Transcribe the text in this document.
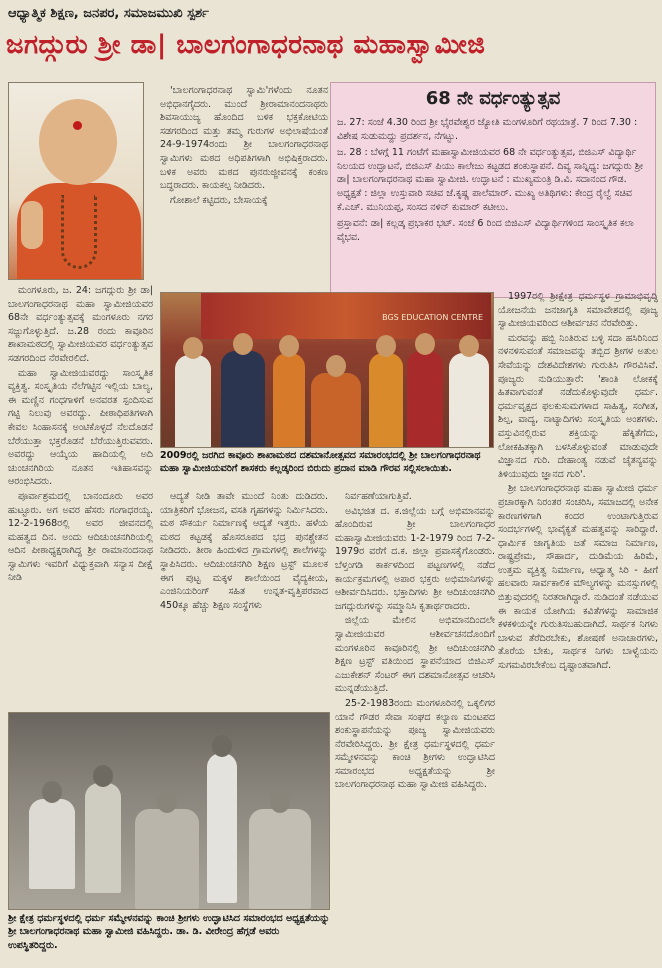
ಆಧ್ಯಾತ್ಮಿಕ ಶಿಕ್ಷಣ, ಜನಪರ, ಸಮಾಜಮುಖಿ ಸ್ಪರ್ಶ
ಜಗದ್ಗುರು ಶ್ರೀ ಡಾ| ಬಾಲಗಂಗಾಧರನಾಥ ಮಹಾಸ್ವಾಮೀಜಿ
68 ನೇ ವರ್ಧಂತ್ಯುತ್ಸವ
ಜ. 27: ಸಂಜೆ 4.30 ರಿಂದ ಶ್ರೀ ಭೈರವೇಶ್ವರ ಜ್ಯೋತಿ ಮಂಗಳೂರಿಗೆ ರಥಯಾತ್ರೆ. 7 ರಿಂದ 7.30 : ವಿಶೇಷ ಸುಡುಮದ್ದು ಪ್ರದರ್ಶನ, ನೆಗಟ್ಟು.
ಜ. 28 : ಬೆಳಗ್ಗೆ 11 ಗಂಟೆಗೆ ಮಹಾಸ್ವಾಮೀಜಿಯವರ 68 ನೇ ವರ್ಧಂತ್ಯುತ್ಸವ, ಬಿಜಿಎಸ್ ವಿದ್ಯಾರ್ಥಿ ನಿಲಯದ ಉದ್ಘಾಟನೆ, ಬಿಜಿಎಸ್ ಪಿಯು ಕಾಲೇಜು ಕಟ್ಟಡದ ಶಂಕುಸ್ಥಾಪನೆ. ದಿವ್ಯ ಸಾನ್ನಿಧ್ಯ: ಜಗದ್ಗುರು ಶ್ರೀ ಡಾ| ಬಾಲಗಂಗಾಧರನಾಥ ಮಹಾ ಸ್ವಾಮೀಜಿ. ಉದ್ಘಾಟನೆ : ಮುಖ್ಯಮಂತ್ರಿ ಡಿ.ವಿ. ಸದಾನಂದ ಗೌಡ. ಅಧ್ಯಕ್ಷತೆ : ಜಿಲ್ಲಾ ಉಸ್ತುವಾರಿ ಸಚಿವ ಜೆ.ಕೃಷ್ಣ ಪಾಲೆಮಾರ್. ಮುಖ್ಯ ಅತಿಥಿಗಳು: ಕೇಂದ್ರ ರೈಲ್ವೆ ಸಚಿವ ಕೆ.ಎಚ್. ಮುನಿಯಪ್ಪ, ಸಂಸದ ನಳಿನ್ ಕುಮಾರ್ ಕಟೀಲು.
ಪ್ರಸ್ತಾವನೆ: ಡಾ| ಕಲ್ಲಡ್ಕ ಪ್ರಭಾಕರ ಭಟ್. ಸಂಜೆ 6 ರಿಂದ ಬಿಜಿಎಸ್ ವಿದ್ಯಾರ್ಥಿಗಳಿಂದ ಸಾಂಸ್ಕೃತಿಕ ಕಲಾ ವೈಭವ.

'ಬಾಲಗಂಗಾಧರನಾಥ ಸ್ವಾಮಿ'ಗಳೆಂದು ನೂತನ ಅಭಿಧಾನಗೈದರು. ಮುಂದೆ ಶ್ರೀರಾಮಾನಂದನಾಥರು ಶಿವಸಾಯುಜ್ಯ ಹೊಂದಿದ ಬಳಿಕ ಭಕ್ತಕೋಟಿಯ ಸಡಗರದಿಂದ ಮತ್ತು ತಮ್ಮ ಗುರುಗಳ ಅಭಿಲಾಷೆಯಂತೆ 24-9-1974ರಂದು ಶ್ರೀ ಬಾಲಗಂಗಾಧರನಾಥ ಸ್ವಾಮಿಗಳು ಮಠದ ಅಧಿಪತಿಗಳಾಗಿ ಅಭಿಷಿಕ್ತರಾದರು. ಬಳಿಕ ಅವರು ಮಠದ ಪುನರುಜ್ಜೀವನಕ್ಕೆ ಕಂಕಣ ಬದ್ಧರಾದರು. ಕಾಯಕಲ್ಪ ನೀಡಿದರು.

ಗೋಶಾಲೆ ಕಟ್ಟಿದರು, ಬೇಸಾಯಕ್ಕೆ

ಮಂಗಳೂರು, ಜ. 24: ಜಗದ್ಗುರು ಶ್ರೀ ಡಾ| ಬಾಲಗಂಗಾಧರನಾಥ ಮಹಾ ಸ್ವಾಮೀಜಿಯವರ 68ನೇ ವರ್ಧಂತ್ಯುತ್ಸವಕ್ಕೆ ಮಂಗಳೂರು ನಗರ ಸಜ್ಜುಗೊಳ್ಳುತ್ತಿದೆ. ಜ.28 ರಂದು ಕಾವೂರಿನ ಶಾಖಾಮಠದಲ್ಲಿ ಸ್ವಾಮೀಜಿಯವರ ವರ್ಧಂತ್ಯುತ್ಸವ ಸಡಗರದಿಂದ ನೆರವೇರಲಿದೆ.

ಮಹಾ ಸ್ವಾಮೀಜಿಯವರದ್ದು ಸಾಂಸ್ಕೃತಿಕ ವ್ಯಕ್ತಿತ್ವ. ಸಂಸ್ಕೃತಿಯ ನೆಲೆಗಟ್ಟಿನ ಇಲ್ಲಿಯ ಬಾಲ್ಯ, ಈ ಮಣ್ಣಿನ ಗಂಧಗಾಳಿಗೆ ಅನವರತ ಸ್ಪಂದಿಸುವ ಗಟ್ಟಿ ನಿಲುವು ಅವರದ್ದು. ಪೀಠಾಧಿಪತಿಗಳಾಗಿ ಕೇವಲ ಸಿಂಹಾಸನಕ್ಕೆ ಅಂಟಿಕೊಳ್ಳದೆ ನೆಲದೊಡನೆ ಬೆರೆಯುತ್ತಾ ಭಕ್ತರೊಡನೆ ಬೆರೆಯುತ್ತಿರುವವರು. ಅವರದ್ದು ಆಯ್ಕೆಯ ಹಾದಿಯಲ್ಲಿ ಅದಿ ಚುಂಚನಗಿರಿಯ ನೂತನ ಇತಿಹಾಸವನ್ನು ಆರಂಭಿಸಿದರು.

ಪೂರ್ವಾಶ್ರಮದಲ್ಲಿ ಬಾನಂದೂರು ಅವರ ಹುಟ್ಟೂರು. ಅಗ ಅವರ ಹೆಸರು ಗಂಗಾಧರಯ್ಯ. 12-2-1968ರಲ್ಲಿ ಅವರ ಜೀವನದಲ್ಲಿ ಮಹತ್ವದ ದಿನ. ಅಂದು ಆದಿಚುಂಚನಗಿರಿಯಲ್ಲಿ ಆದಿನ ಪೀಠಾಧ್ಯಕ್ಷರಾಗಿದ್ದ ಶ್ರೀ ರಾಮಾನಂದನಾಥ ಸ್ವಾಮಿಗಳು ಇವರಿಗೆ ವಿಧ್ಯುಕ್ತವಾಗಿ ಸನ್ಯಾಸ ದೀಕ್ಷೆ ನೀಡಿ

BGS EDUCATION CENTRE
2009ರಲ್ಲಿ ಜರಗಿದ ಕಾವೂರು ಶಾಖಾಮಠದ ದಶಮಾನೋತ್ಸವದ ಸಮಾರಂಭದಲ್ಲಿ ಶ್ರೀ ಬಾಲಗಂಗಾಧರನಾಥ ಮಹಾ ಸ್ವಾಮೀಜಿಯವರಿಗೆ ಶಾಸಕರು ಕಲ್ಲಡ್ಕರಿಂದ ಬಿರುದು ಪ್ರದಾನ ಮಾಡಿ ಗೌರವ ಸಲ್ಲಿಸಲಾಯಿತು.

ಆದ್ಯತೆ ನೀಡಿ ತಾವೇ ಮುಂದೆ ನಿಂತು ದುಡಿದರು. ಯಾತ್ರಿಕರಿಗೆ ಭೋಜನ, ವಸತಿ ಗೃಹಗಳನ್ನು ನಿರ್ಮಿಸಿದರು. ಮಠ ಸೌಕರ್ಯ ನಿರ್ಮಾಣಕ್ಕೆ ಆದ್ಯತೆ ಇತ್ತರು. ಹಳೆಯ ಮಠದ ಕಟ್ಟಡಕ್ಕೆ ಹೊಸರೂಪದ ಭದ್ರ ಪುನಶ್ಚೇತನ ನೀಡಿದರು. ತೀರಾ ಹಿಂದುಳಿದ ಗ್ರಾಮಗಳಲ್ಲಿ ಶಾಲೆಗಳನ್ನು ಸ್ಥಾಪಿಸಿದರು. ಆದಿಚುಂಚನಗಿರಿ ಶಿಕ್ಷಣ ಟ್ರಸ್ಟ್ ಮೂಲಕ ಈಗ ಪುಟ್ಟ ಮಕ್ಕಳ ಶಾಲೆಯಿಂದ ವೈದ್ಯಕೀಯ, ಎಂಜಿನಿಯರಿಂಗ್ ಸಹಿತ ಉನ್ನತ-ವೃತ್ತಿಪರವಾದ 450ಕ್ಕೂ ಹೆಚ್ಚು ಶಿಕ್ಷಣ ಸಂಸ್ಥೆಗಳು

ನಿರ್ವಹಣೆಯಾಗುತ್ತಿವೆ.

ಅವಿಭಜಿತ ದ. ಕ.ಜಿಲ್ಲೆಯ ಬಗ್ಗೆ ಅಭಿಮಾನವನ್ನು ಹೊಂದಿರುವ ಶ್ರೀ ಬಾಲಗಂಗಾಧರ ಮಹಾಸ್ವಾಮೀಜಿಯವರು 1-2-1979 ರಿಂದ 7-2-1979ರ ವರೆಗೆ ದ.ಕ. ಜಿಲ್ಲಾ ಪ್ರವಾಸಕೈಗೊಂಡರು. ಬೆಳ್ತಂಗಡಿ ಕಾರ್ಕಳದಿಂದ ಪಟ್ಟಣಗಳಲ್ಲಿ ನಡೆದ ಕಾರ್ಯಕ್ರಮಗಳಲ್ಲಿ ಅಪಾರ ಭಕ್ತರು ಅಭಿಮಾನಿಗಳನ್ನು ಆಶೀರ್ವದಿಸಿದರು. ಭಕ್ತಾದಿಗಳು ಶ್ರೀ ಆದಿಚುಂಚನಗಿರಿ ಜಗದ್ಗುರುಗಳನ್ನು ಸಮ್ಮಾನಿಸಿ ಕೃತಾರ್ಥರಾದರು.

ಜಿಲ್ಲೆಯ ಮೇಲಿನ ಅಭಿಮಾನದಿಂದಲೇ ಸ್ವಾಮೀಜಿಯವರ ಆಶೀರ್ವಚನದೊಂದಿಗೆ ಮಂಗಳೂರಿನ ಕಾವೂರಿನಲ್ಲಿ ಶ್ರೀ ಆದಿಚುಂಚನಗಿರಿ ಶಿಕ್ಷಣ ಟ್ರಸ್ಟ್ ವತಿಯಿಂದ ಸ್ಥಾಪನೆಯಾದ ಬಿಜಿಎಸ್ ಎಜುಕೇಶನ್ ಸೆಂಟರ್ ಈಗ ದಶಮಾನೋತ್ಸವ ಆಚರಿಸಿ ಮುನ್ನಡೆಯುತ್ತಿದೆ.

25-2-1983ರಂದು ಮಂಗಳೂರಿನಲ್ಲಿ ಒಕ್ಕಲಿಗರ ಯಾನೆ ಗೌಡರ ಸೇವಾ ಸಂಘದ ಕಲ್ಯಾಣ ಮಂಟಪದ ಶಂಕುಸ್ಥಾಪನೆಯನ್ನು ಪೂಜ್ಯ ಸ್ವಾಮೀಜಿಯವರು ನೆರವೇರಿಸಿದ್ದರು. ಶ್ರೀ ಕ್ಷೇತ್ರ ಧರ್ಮಸ್ಥಳದಲ್ಲಿ ಧರ್ಮ ಸಮ್ಮೇಳನವನ್ನು ಕಾಂಚಿ ಶ್ರೀಗಳು ಉದ್ಘಾಟಿಸಿದ ಸಮಾರಂಭದ ಅಧ್ಯಕ್ಷತೆಯನ್ನು ಶ್ರೀ ಬಾಲಗಂಗಾಧರನಾಥ ಮಹಾ ಸ್ವಾಮೀಜಿ ವಹಿಸಿದ್ದರು.

1997ರಲ್ಲಿ ಶ್ರೀಕ್ಷೇತ್ರ ಧರ್ಮಸ್ಥಳ ಗ್ರಾಮಾಭಿವೃದ್ಧಿ ಯೋಜನೆಯ ಜನಜಾಗೃತಿ ಸಮಾವೇಶದಲ್ಲಿ ಪೂಜ್ಯ ಸ್ವಾಮೀಜಿಯವರಿಂದ ಆಶೀರ್ವಚನ ನೆರವೇರಿತ್ತು.

ಮರವನ್ನು ಹಬ್ಬಿ ನಿಂತಿರುವ ಬಳ್ಳಿ ಸದಾ ಹಸಿರಿನಿಂದ ನಳನಳಿಸುವಂತೆ ಸಮಾಜವನ್ನು ತಬ್ಬಿದ ಶ್ರೀಗಳ ಅತುಲ ಸೇವೆಯನ್ನು ದೇಶವಿದೇಶಗಳು ಗುರುತಿಸಿ ಗೌರವಿಸಿವೆ. ಪೂಜ್ಯರು ನುಡಿಯುತ್ತಾರೆ: 'ಶಾಂತಿ ಲೋಕಕ್ಕೆ ಹಿತವಾಗುವಂತೆ ನಡೆದುಕೊಳ್ಳುವುದೇ ಧರ್ಮ. ಧರ್ಮವೃಕ್ಷದ ಫಲಕುಸುಮಗಳಾದ ಸಾಹಿತ್ಯ, ಸಂಗೀತ, ಶಿಲ್ಪ, ವಾದ್ಯ, ನಾಟ್ಯಾದಿಗಳು ಸಂಸ್ಕೃತಿಯ ಅಂಶಗಳು. ವಸ್ತುವಿನಲ್ಲಿರುವ ಶಕ್ತಿಯನ್ನು ಹೆಕ್ಕಿತೆಗೆದು, ಲೋಕಹಿತಕ್ಕಾಗಿ ಬಳಸಿಕೊಳ್ಳುವಂತೆ ಮಾಡುವುದೇ ವಿಜ್ಞಾನದ ಗುರಿ. ದೇಹಾಂತ್ಯ ನಡುವೆ ಚೈತನ್ಯವನ್ನು ತಿಳಿಯುವುದು ಜ್ಞಾನದ ಗುರಿ'.

ಶ್ರೀ ಬಾಲಗಂಗಾಧರನಾಥ ಮಹಾ ಸ್ವಾಮೀಜಿ ಧರ್ಮ ಪ್ರಚಾರಕ್ಕಾಗಿ ನಿರಂತರ ಸಂಚರಿಸಿ, ಸಮಾಜದಲ್ಲಿ ಅನೇಕ ಕಾರಣಗಳಿಗಾಗಿ ಕಂದರ ಉಂಟಾಗುತ್ತಿರುವ ಸಂದರ್ಭಗಳಲ್ಲಿ ಭಾವೈಕ್ಯತೆ ಮಹತ್ವವನ್ನು ಸಾರಿದ್ದಾರೆ. ಧಾರ್ಮಿಕ ಜಾಗೃತಿಯ ಜತೆ ಸಮಾಜ ನಿರ್ಮಾಣ, ರಾಷ್ಟ್ರಪ್ರೇಮ, ಸೌಹಾರ್ದ, ದುಡಿಮೆಯ ಹಿರಿಮೆ, ಉತ್ತಮ ವ್ಯಕ್ತಿತ್ವ ನಿರ್ಮಾಣ, ಆಧ್ಯಾತ್ಮ ಸಿರಿ - ಹೀಗೆ ಹಲವಾರು ಸಾರ್ವಕಾಲಿಕ ಮೌಲ್ಯಗಳನ್ನು ಮನಸ್ಸುಗಳಲ್ಲಿ ಬಿತ್ತುವುದರಲ್ಲಿ ನಿರತರಾಗಿದ್ದಾರೆ. ನುಡಿದಂತೆ ನಡೆಯುವ ಈ ಕಾಯಕ ಯೋಗಿಯ ಕವಿತೆಗಳನ್ನು ಸಾಮಾಜಿಕ ಕಳಕಳಿಯನ್ನೇ ಗುರುತಿಸಬಹುದಾಗಿದೆ. ಸಾರ್ಥಕ ನಿಗಳು ಬಾಳುವ ತೆರೆದಿರಬೇಕು, ಶೋಷಣೆ ಅನಾಚಾರಗಳು, ತೊರೆಯ ಬೇಕು, ಸಾರ್ಥಕ ನಿಗಳು ಬಾಳ್ವೆಯನು ಸುಗಮವಿರಬೇಕೆಂಬ ದೃಷ್ಟಾಂತವಾಗಿದೆ.

ಶ್ರೀ ಕ್ಷೇತ್ರ ಧರ್ಮಸ್ಥಳದಲ್ಲಿ ಧರ್ಮ ಸಮ್ಮೇಳನವನ್ನು ಕಾಂಚಿ ಶ್ರೀಗಳು ಉದ್ಘಾಟಿಸಿದ ಸಮಾರಂಭದ ಅಧ್ಯಕ್ಷತೆಯನ್ನು ಶ್ರೀ ಬಾಲಗಂಗಾಧರನಾಥ ಮಹಾ ಸ್ವಾಮೀಜಿ ವಹಿಸಿದ್ದರು. ಡಾ. ಡಿ. ವೀರೇಂದ್ರ ಹೆಗ್ಗಡೆ ಅವರು ಉಪಸ್ಥಿತರಿದ್ದರು.
